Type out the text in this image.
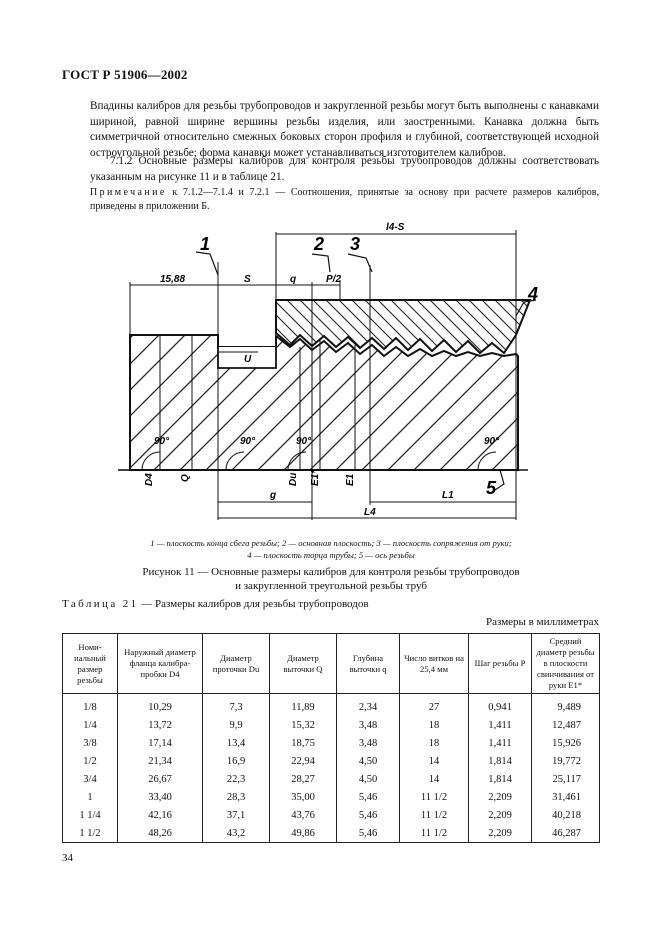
ГОСТ Р 51906—2002
Впадины калибров для резьбы трубопроводов и закругленной резьбы могут быть выполнены с канавками шириной, равной ширине вершины резьбы изделия, или заостренными. Канавка должна быть симметричной относительно смежных боковых сторон профиля и глубиной, соответствующей исходной остроугольной резьбе; форма канавки может устанавливаться изготовителем калибров.
7.1.2 Основные размеры калибров для контроля резьбы трубопроводов должны соответствовать указанным на рисунке 11 и в таблице 21.
Примечание к 7.1.2—7.1.4 и 7.2.1 — Соотношения, принятые за основу при расчете размеров калибров, приведены в приложении Б.
1	2 3
4
5
l4-S
15,88	S	q	P/2
U
90°	90°	90°	90°
g	L1
L4
D4	Q	Du E1* E1
1 — плоскость конца сбега резьбы; 2 — основная плоскость; 3 — плоскость сопряжения от руки;
4 — плоскость торца трубы; 5 — ось резьбы
Рисунок 11 — Основные размеры калибров для контроля резьбы трубопроводов
и закругленной треугольной резьбы труб
Таблица 21 — Размеры калибров для резьбы трубопроводов
Размеры в миллиметрах
Номи-нальный размер резьбы	Наружный диаметр фланца калибра-пробки D4	Диаметр проточки Du	Диаметр выточки Q	Глубина выточки q	Число витков на 25,4 мм	Шаг резьбы P	Средний диаметр резьбы в плоскости свинчивания от руки E1*
1/8	10,29	7,3	11,89	2,34	27	0,941	9,489
1/4	13,72	9,9	15,32	3,48	18	1,411	12,487
3/8	17,14	13,4	18,75	3,48	18	1,411	15,926
1/2	21,34	16,9	22,94	4,50	14	1,814	19,772
3/4	26,67	22,3	28,27	4,50	14	1,814	25,117
1	33,40	28,3	35,00	5,46	11 1/2	2,209	31,461
1 1/4	42,16	37,1	43,76	5,46	11 1/2	2,209	40,218
1 1/2	48,26	43,2	49,86	5,46	11 1/2	2,209	46,287
34
